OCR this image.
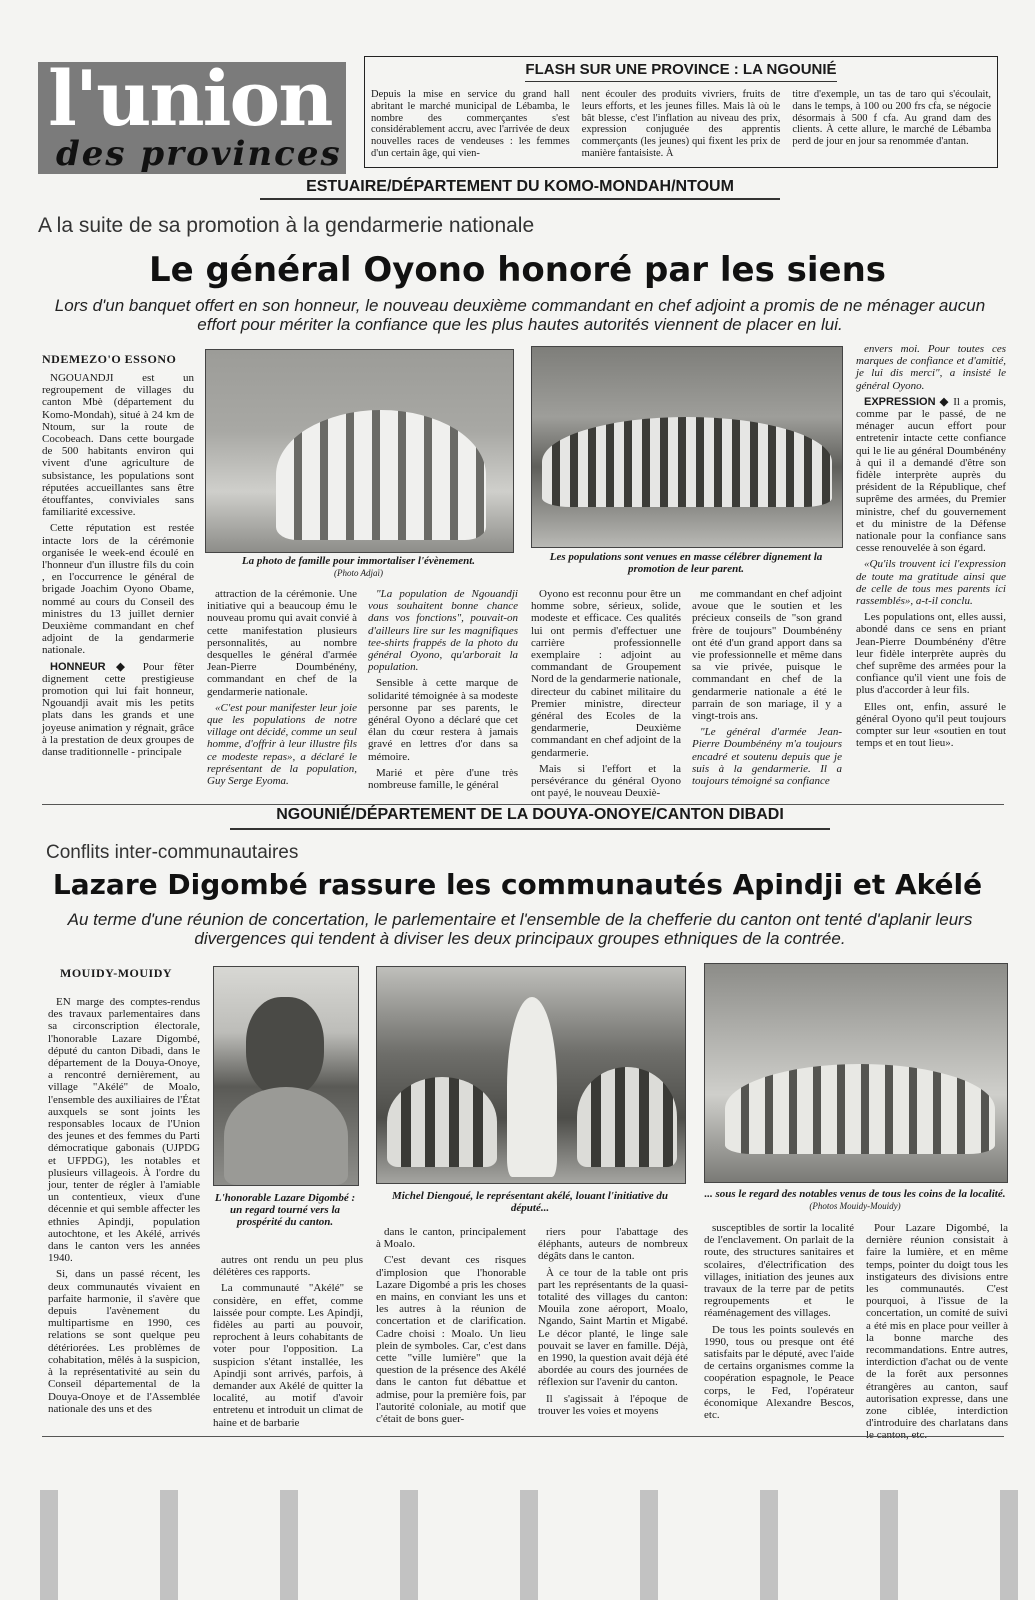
l'union
des provinces
FLASH SUR UNE PROVINCE : LA NGOUNIÉ
Depuis la mise en service du grand hall abritant le marché municipal de Lébamba, le nombre des commerçantes s'est considérablement accru, avec l'arrivée de deux nouvelles races de vendeuses : les femmes d'un certain âge, qui vien-
nent écouler des produits vivriers, fruits de leurs efforts, et les jeunes filles. Mais là où le bât blesse, c'est l'inflation au niveau des prix, expression conjuguée des apprentis commerçants (les jeunes) qui fixent les prix de manière fantaisiste. À
titre d'exemple, un tas de taro qui s'écoulait, dans le temps, à 100 ou 200 frs cfa, se négocie désormais à 500 f cfa. Au grand dam des clients. À cette allure, le marché de Lébamba perd de jour en jour sa renommée d'antan.
ESTUAIRE/DÉPARTEMENT DU KOMO-MONDAH/NTOUM
A la suite de sa promotion à la gendarmerie nationale
Le général Oyono honoré par les siens
Lors d'un banquet offert en son honneur, le nouveau deuxième commandant en chef adjoint a promis de ne ménager aucun effort pour mériter la confiance que les plus hautes autorités viennent de placer en lui.
NDEMEZO'O ESSONO

NGOUANDJI est un regroupement de villages du canton Mbè (département du Komo-Mondah), situé à 24 km de Ntoum, sur la route de Cocobeach. Dans cette bourgade de 500 habitants environ qui vivent d'une agriculture de subsistance, les populations sont réputées accueillantes sans être étouffantes, conviviales sans familiarité excessive.

Cette réputation est restée intacte lors de la cérémonie organisée le week-end écoulé en l'honneur d'un illustre fils du coin , en l'occurrence le général de brigade Joachim Oyono Obame, nommé au cours du Conseil des ministres du 13 juillet dernier Deuxième commandant en chef adjoint de la gendarmerie nationale.

HONNEUR ◆ Pour fêter dignement cette prestigieuse promotion qui lui fait honneur, Ngouandji avait mis les petits plats dans les grands et une joyeuse animation y régnait, grâce à la prestation de deux groupes de danse traditionnelle - principale

La photo de famille pour immortaliser l'évènement.
(Photo Adjaï)
Les populations sont venues en masse célébrer dignement la promotion de leur parent.

attraction de la cérémonie. Une initiative qui a beaucoup ému le nouveau promu qui avait convié à cette manifestation plusieurs personnalités, au nombre desquelles le général d'armée Jean-Pierre Doumbénény, commandant en chef de la gendarmerie nationale.

«C'est pour manifester leur joie que les populations de notre village ont décidé, comme un seul homme, d'offrir à leur illustre fils ce modeste repas», a déclaré le représentant de la population, Guy Serge Eyoma.

"La population de Ngouandji vous souhaitent bonne chance dans vos fonctions", pouvait-on d'ailleurs lire sur les magnifiques tee-shirts frappés de la photo du général Oyono, qu'arborait la population.

Sensible à cette marque de solidarité témoignée à sa modeste personne par ses parents, le général Oyono a déclaré que cet élan du cœur restera à jamais gravé en lettres d'or dans sa mémoire.

Marié et père d'une très nombreuse famille, le général

Oyono est reconnu pour être un homme sobre, sérieux, solide, modeste et efficace. Ces qualités lui ont permis d'effectuer une carrière professionnelle exemplaire : adjoint au commandant de Groupement Nord de la gendarmerie nationale, directeur du cabinet militaire du Premier ministre, directeur général des Ecoles de la gendarmerie, Deuxième commandant en chef adjoint de la gendarmerie.

Mais si l'effort et la persévérance du général Oyono ont payé, le nouveau Deuxiè-

me commandant en chef adjoint avoue que le soutien et les précieux conseils de "son grand frère de toujours" Doumbénény ont été d'un grand apport dans sa vie professionnelle et même dans sa vie privée, puisque le commandant en chef de la gendarmerie nationale a été le parrain de son mariage, il y a vingt-trois ans.

"Le général d'armée Jean-Pierre Doumbénény m'a toujours encadré et soutenu depuis que je suis à la gendarmerie. Il a toujours témoigné sa confiance

envers moi. Pour toutes ces marques de confiance et d'amitié, je lui dis merci", a insisté le général Oyono.

EXPRESSION ◆ Il a promis, comme par le passé, de ne ménager aucun effort pour entretenir intacte cette confiance qui le lie au général Doumbénény à qui il a demandé d'être son fidèle interprète auprès du président de la République, chef suprême des armées, du Premier ministre, chef du gouvernement et du ministre de la Défense nationale pour la confiance sans cesse renouvelée à son égard.

«Qu'ils trouvent ici l'expression de toute ma gratitude ainsi que de celle de tous mes parents ici rassemblés», a-t-il conclu.

Les populations ont, elles aussi, abondé dans ce sens en priant Jean-Pierre Doumbénény d'être leur fidèle interprète auprès du chef suprême des armées pour la confiance qu'il vient une fois de plus d'accorder à leur fils.

Elles ont, enfin, assuré le général Oyono qu'il peut toujours compter sur leur «soutien en tout temps et en tout lieu».

NGOUNIÉ/DÉPARTEMENT DE LA DOUYA-ONOYE/CANTON DIBADI
Conflits inter-communautaires
Lazare Digombé rassure les communautés Apindji et Akélé
Au terme d'une réunion de concertation, le parlementaire et l'ensemble de la chefferie du canton ont tenté d'aplanir leurs divergences qui tendent à diviser les deux principaux groupes ethniques de la contrée.
MOUIDY-MOUIDY

EN marge des comptes-rendus des travaux parlementaires dans sa circonscription électorale, l'honorable Lazare Digombé, député du canton Dibadi, dans le département de la Douya-Onoye, a rencontré dernièrement, au village "Akélé" de Moalo, l'ensemble des auxiliaires de l'État auxquels se sont joints les responsables locaux de l'Union des jeunes et des femmes du Parti démocratique gabonais (UJPDG et UFPDG), les notables et plusieurs villageois. À l'ordre du jour, tenter de régler à l'amiable un contentieux, vieux d'une décennie et qui semble affecter les ethnies Apindji, population autochtone, et les Akélé, arrivés dans le canton vers les années 1940.

Si, dans un passé récent, les deux communautés vivaient en parfaite harmonie, il s'avère que depuis l'avènement du multipartisme en 1990, ces relations se sont quelque peu détériorées. Les problèmes de cohabitation, mêlés à la suspicion, à la représentativité au sein du Conseil départemental de la Douya-Onoye et de l'Assemblée nationale des uns et des

L'honorable Lazare Digombé : un regard tourné vers la prospérité du canton.
Michel Diengoué, le représentant akélé, louant l'initiative du député...
... sous le regard des notables venus de tous les coins de la localité. (Photos Mouidy-Mouidy)

autres ont rendu un peu plus délétères ces rapports.

La communauté "Akélé" se considère, en effet, comme laissée pour compte. Les Apindji, fidèles au parti au pouvoir, reprochent à leurs cohabitants de voter pour l'opposition. La suspicion s'étant installée, les Apindji sont arrivés, parfois, à demander aux Akélé de quitter la localité, au motif d'avoir entretenu et introduit un climat de haine et de barbarie

dans le canton, principalement à Moalo.

C'est devant ces risques d'implosion que l'honorable Lazare Digombé a pris les choses en mains, en conviant les uns et les autres à la réunion de concertation et de clarification. Cadre choisi : Moalo. Un lieu plein de symboles. Car, c'est dans cette "ville lumière" que la question de la présence des Akélé dans le canton fut débattue et admise, pour la première fois, par l'autorité coloniale, au motif que c'était de bons guer-

riers pour l'abattage des éléphants, auteurs de nombreux dégâts dans le canton.

À ce tour de la table ont pris part les représentants de la quasi-totalité des villages du canton: Mouila zone aéroport, Moalo, Ngando, Saint Martin et Migabé. Le décor planté, le linge sale pouvait se laver en famille. Déjà, en 1990, la question avait déjà été abordée au cours des journées de réflexion sur l'avenir du canton.

Il s'agissait à l'époque de trouver les voies et moyens

susceptibles de sortir la localité de l'enclavement. On parlait de la route, des structures sanitaires et scolaires, d'électrification des villages, initiation des jeunes aux travaux de la terre par de petits regroupements et le réaménagement des villages.

De tous les points soulevés en 1990, tous ou presque ont été satisfaits par le député, avec l'aide de certains organismes comme la coopération espagnole, le Peace corps, le Fed, l'opérateur économique Alexandre Bescos, etc.

Pour Lazare Digombé, la dernière réunion consistait à faire la lumière, et en même temps, pointer du doigt tous les instigateurs des divisions entre les communautés. C'est pourquoi, à l'issue de la concertation, un comité de suivi a été mis en place pour veiller à la bonne marche des recommandations. Entre autres, interdiction d'achat ou de vente de la forêt aux personnes étrangères au canton, sauf autorisation expresse, dans une zone ciblée, interdiction d'introduire des charlatans dans le canton, etc.
